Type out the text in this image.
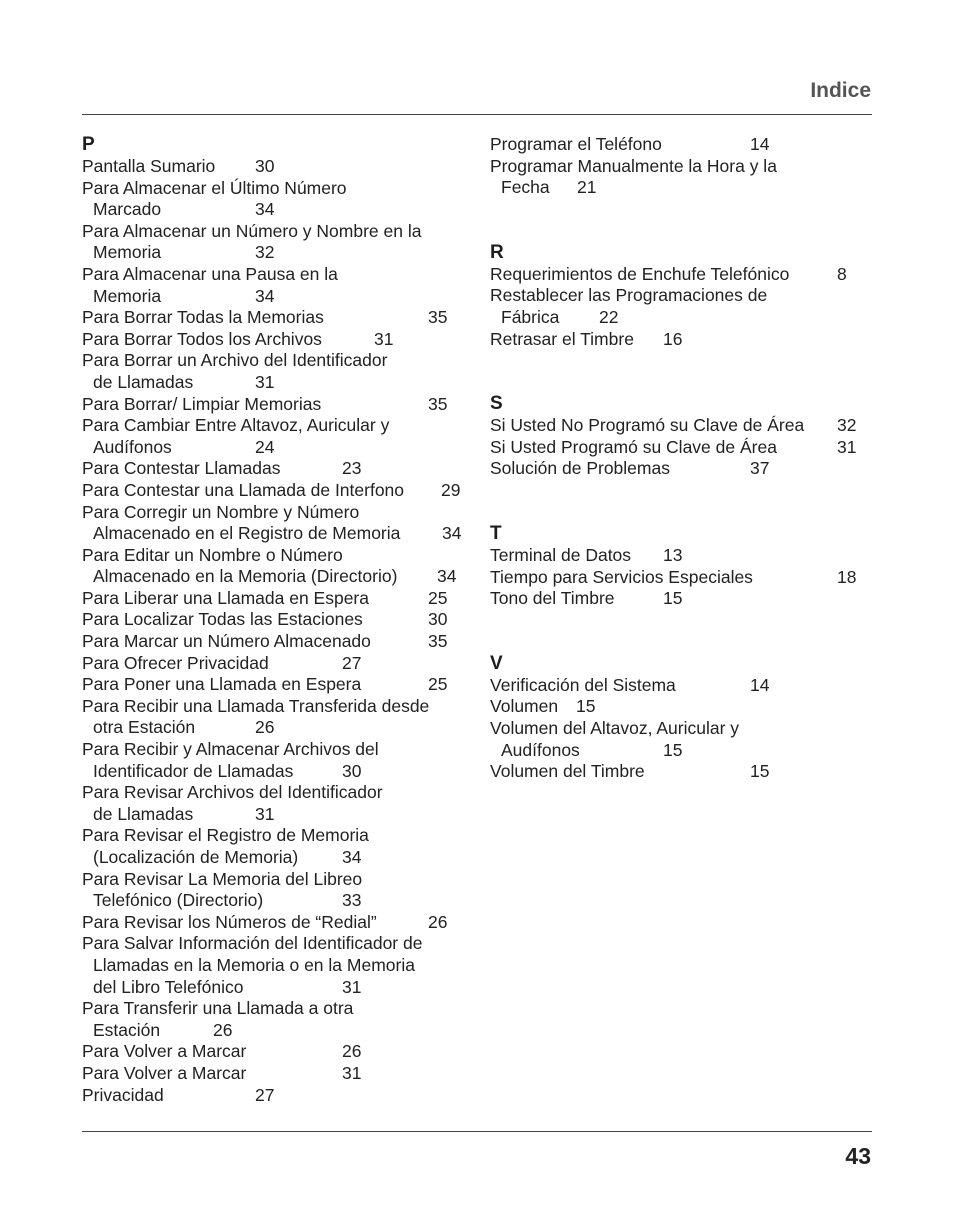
Indice
P
Pantalla Sumario 30
Para Almacenar el Último Número
Marcado	34
Para Almacenar un Número y Nombre en la
Memoria	32
Para Almacenar una Pausa en la
Memoria	34
Para Borrar Todas la Memorias	35
Para Borrar Todos los Archivos	31
Para Borrar un Archivo del Identificador
de Llamadas	31
Para Borrar/ Limpiar Memorias	35
Para Cambiar Entre Altavoz, Auricular y
Audífonos	24
Para Contestar Llamadas	23
Para Contestar una Llamada de Interfono 29
Para Corregir un Nombre y Número
Almacenado en el Registro de Memoria 34
Para Editar un Nombre o Número
Almacenado en la Memoria (Directorio) 34
Para Liberar una Llamada en Espera	25
Para Localizar Todas las Estaciones	30
Para Marcar un Número Almacenado	35
Para Ofrecer Privacidad	27
Para Poner una Llamada en Espera	25
Para Recibir una Llamada Transferida desde
otra Estación	26
Para Recibir y Almacenar Archivos del
Identificador de Llamadas	30
Para Revisar Archivos del Identificador
de Llamadas	31
Para Revisar el Registro de Memoria
(Localización de Memoria)	34
Para Revisar La Memoria del Libreo
Telefónico (Directorio)	33
Para Revisar los Números de “Redial”	26
Para Salvar Información del Identificador de
Llamadas en la Memoria o en la Memoria
del Libro Telefónico	31
Para Transferir una Llamada a otra
Estación	26
Para Volver a Marcar	26
Para Volver a Marcar	31
Privacidad	27
Programar el Teléfono	14
Programar Manualmente la Hora y la
Fecha 21
R
Requerimientos de Enchufe Telefónico	8
Restablecer las Programaciones de
Fábrica 22
Retrasar el Timbre 16
S
Si Usted No Programó su Clave de Área 32
Si Usted Programó su Clave de Área	31
Solución de Problemas	37
T
Terminal de Datos 13
Tiempo para Servicios Especiales	18
Tono del Timbre	15
V
Verificación del Sistema	14
Volumen 15
Volumen del Altavoz, Auricular y
Audífonos	15
Volumen del Timbre	15
43
